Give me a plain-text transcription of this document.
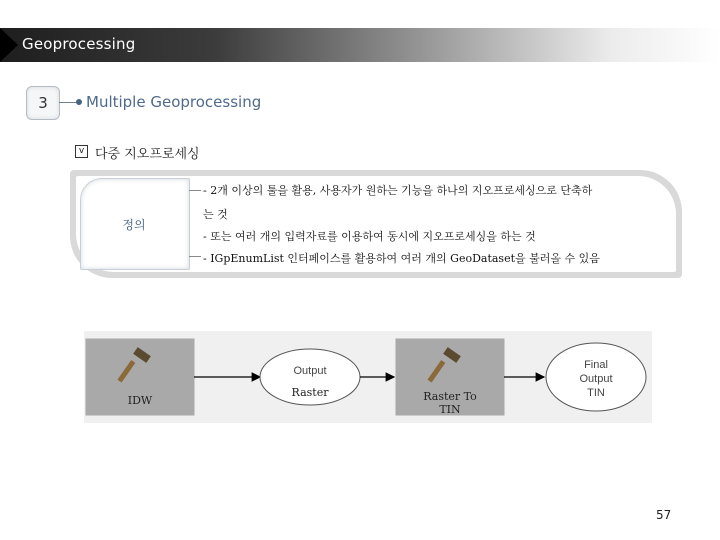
Geoprocessing
3	Multiple Geoprocessing
v 다중 지오프로세싱
정의
- 2개 이상의 툴을 활용, 사용자가 원하는 기능을 하나의 지오프로세싱으로 단축하
는 것
- 또는 여러 개의 입력자료를 이용하여 동시에 지오프로세싱을 하는 것
- IGpEnumList 인터페이스를 활용하여 여러 개의 GeoDataset을 불러올 수 있음
IDW
Output
Raster	Raster To
TIN
Final
Output
TIN
57
